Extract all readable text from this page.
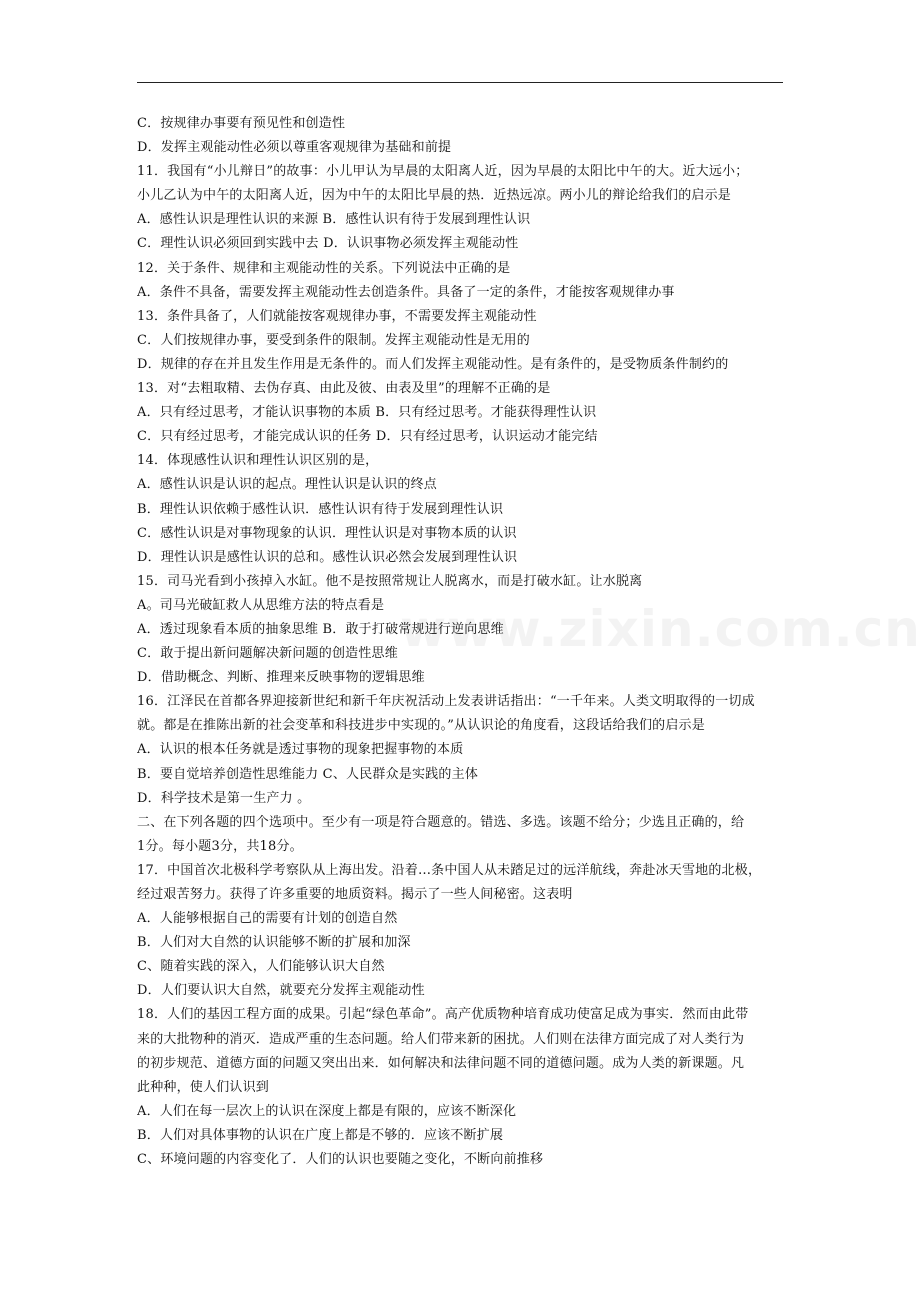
C．按规律办事要有预见性和创造性
D．发挥主观能动性必须以尊重客观规律为基础和前提
11．我国有“小儿辩日”的故事：小儿甲认为早晨的太阳离人近，因为早晨的太阳比中午的大。近大远小；
小儿乙认为中午的太阳离人近，因为中午的太阳比早晨的热．近热远凉。两小儿的辩论给我们的启示是
A．感性认识是理性认识的来源 B．感性认识有待于发展到理性认识
C．理性认识必须回到实践中去 D．认识事物必须发挥主观能动性
12．关于条件、规律和主观能动性的关系。下列说法中正确的是
A．条件不具备，需要发挥主观能动性去创造条件。具备了一定的条件，才能按客观规律办事
13．条件具备了，人们就能按客观规律办事，不需要发挥主观能动性
C．人们按规律办事，要受到条件的限制。发挥主观能动性是无用的
D．规律的存在并且发生作用是无条件的。而人们发挥主观能动性。是有条件的，是受物质条件制约的
13．对“去粗取精、去伪存真、由此及彼、由表及里”的理解不正确的是
A．只有经过思考，才能认识事物的本质 B．只有经过思考。才能获得理性认识
C．只有经过思考，才能完成认识的任务 D．只有经过思考，认识运动才能完结
14．体现感性认识和理性认识区别的是，
A．感性认识是认识的起点。理性认识是认识的终点
B．理性认识依赖于感性认识．感性认识有待于发展到理性认识
C．感性认识是对事物现象的认识．理性认识是对事物本质的认识
D．理性认识是感性认识的总和。感性认识必然会发展到理性认识
15．司马光看到小孩掉入水缸。他不是按照常规让人脱离水，而是打破水缸。让水脱离
A。司马光破缸救人从思维方法的特点看是
A．透过现象看本质的抽象思维 B．敢于打破常规进行逆向思维
C．敢于提出新问题解决新问题的创造性思维
D．借助概念、判断、推理来反映事物的逻辑思维
16．江泽民在首都各界迎接新世纪和新千年庆祝活动上发表讲话指出：“一千年来。人类文明取得的一切成
就。都是在推陈出新的社会变革和科技进步中实现的。”从认识论的角度看，这段话给我们的启示是
A．认识的根本任务就是透过事物的现象把握事物的本质
B．要自觉培养创造性思维能力 C、人民群众是实践的主体
D．科学技术是第一生产力 。
二、在下列各题的四个选项中。至少有一项是符合题意的。错选、多选。该题不给分；少选且正确的，给
1分。每小题3分，共18分。
17．中国首次北极科学考察队从上海出发。沿着…条中国人从未踏足过的远洋航线，奔赴冰天雪地的北极，
经过艰苦努力。获得了许多重要的地质资料。揭示了一些人间秘密。这表明
A．人能够根据自己的需要有计划的创造自然
B．人们对大自然的认识能够不断的扩展和加深
C、随着实践的深入，人们能够认识大自然
D．人们要认识大自然，就要充分发挥主观能动性
18．人们的基因工程方面的成果。引起“绿色革命”。高产优质物种培育成功使富足成为事实．然而由此带
来的大批物种的消灭．造成严重的生态问题。给人们带来新的困扰。人们则在法律方面完成了对人类行为
的初步规范、道德方面的问题又突出出来．如何解决和法律问题不同的道德问题。成为人类的新课题。凡
此种种，使人们认识到
A．人们在每一层次上的认识在深度上都是有限的，应该不断深化
B．人们对具体事物的认识在广度上都是不够的．应该不断扩展
C、环境问题的内容变化了．人们的认识也要随之变化，不断向前推移
